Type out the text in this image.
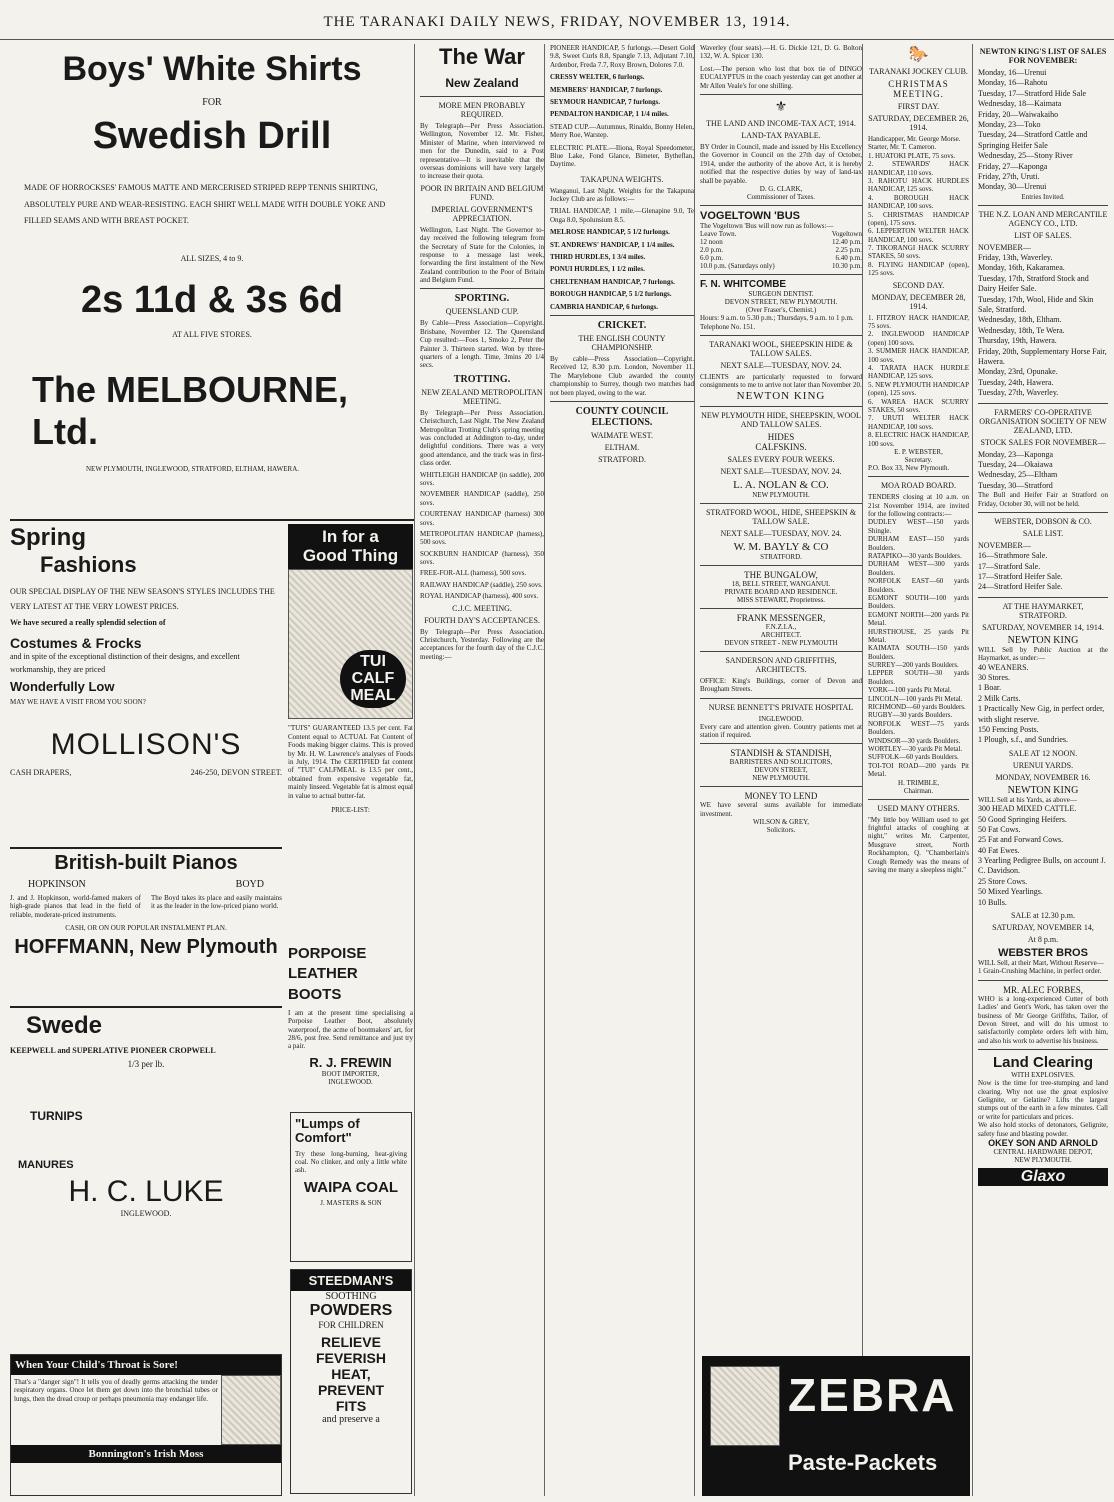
THE TARANAKI DAILY NEWS, FRIDAY, NOVEMBER 13, 1914.
Boys' White Shirts
FOR
Swedish Drill
MADE OF HORROCKSES' FAMOUS MATTE AND MERCERISED STRIPED REPP TENNIS SHIRTING, ABSOLUTELY PURE AND WEAR-RESISTING. EACH SHIRT WELL MADE WITH DOUBLE YOKE AND FILLED SEAMS AND WITH BREAST POCKET.
ALL SIZES, 4 to 9.
2s 11d & 3s 6d
AT ALL FIVE STORES.
The MELBOURNE, Ltd.
NEW PLYMOUTH, INGLEWOOD, STRATFORD, ELTHAM, HAWERA.
Spring
Fashions
OUR SPECIAL DISPLAY OF THE NEW SEASON'S STYLES INCLUDES THE VERY LATEST AT THE VERY LOWEST PRICES.
We have secured a really splendid selection of
Costumes & Frocks
and in spite of the exceptional distinction of their designs, and excellent workmanship, they are priced
Wonderfully Low
MAY WE HAVE A VISIT FROM YOU SOON?
MOLLISON'S
CASH DRAPERS,	246-250, DEVON STREET.
In for a
Good Thing
TUI
CALF
MEAL
"TUI'S" GUARANTEED 13.5 per cent. Fat Content equal to ACTUAL Fat Content of Foods making bigger claims. This is proved by Mr. H. W. Lawrence's analyses of Foods in July, 1914. The CERTIFIED fat content of "TUI" CALFMEAL is 13.5 per cent., obtained from expensive vegetable fat, mainly linseed. Vegetable fat is almost equal in value to actual butter-fat.
PRICE-LIST:
British-built Pianos
HOPKINSON	BOYD
J. and J. Hopkinson, world-famed makers of high-grade pianos that lead in the field of reliable, moderate-priced instruments.
The Boyd takes its place and easily maintains it as the leader in the low-priced piano world.
CASH, OR ON OUR POPULAR INSTALMENT PLAN.
HOFFMANN, New Plymouth PORPOISE
LEATHER
BOOTS
I am at the present time specialising a Porpoise Leather Boot, absolutely waterproof, the acme of bootmakers' art, for 28/6, post free. Send remittance and just try a pair.
R. J. FREWIN
BOOT IMPORTER,
INGLEWOOD.
Swede
KEEPWELL and SUPERLATIVE PIONEER CROPWELL
1/3 per lb.
TURNIPS
MANURES
H. C. LUKE
INGLEWOOD.
"Lumps of
Comfort"
Try these long-burning, heat-giving coal. No clinker, and only a little white ash.
WAIPA COAL
J. MASTERS & SON
When Your Child's Throat is Sore!
That's a "danger sign"! It tells you of deadly germs attacking the tender respiratory organs. Once let them get down into the bronchial tubes or lungs, then the dread croup or perhaps pneumonia may endanger life.
Bonnington's Irish Moss
STEEDMAN'S
SOOTHING
POWDERS
FOR CHILDREN
RELIEVE
FEVERISH
HEAT,
PREVENT
FITS
and preserve a
The War
New Zealand
MORE MEN PROBABLY REQUIRED.
By Telegraph—Per Press Association. Wellington, November 12. Mr. Fisher, Minister of Marine, when interviewed re men for the Dunedin, said to a Post representative—It is inevitable that the overseas dominions will have very largely to increase their quota.
POOR IN BRITAIN AND BELGIUM FUND.
IMPERIAL GOVERNMENT'S APPRECIATION.
Wellington, Last Night. The Governor to-day received the following telegram from the Secretary of State for the Colonies, in response to a message last week, forwarding the first instalment of the New Zealand contribution to the Poor of Britain and Belgium Fund.
SPORTING.
QUEENSLAND CUP.
By Cable—Press Association—Copyright. Brisbane, November 12. The Queensland Cup resulted:—Foes 1, Smoko 2, Peter the Painter 3. Thirteen started. Won by three-quarters of a length. Time, 3mins 20 1/4 secs.
TROTTING.
NEW ZEALAND METROPOLITAN MEETING.
By Telegraph—Per Press Association. Christchurch, Last Night. The New Zealand Metropolitan Trotting Club's spring meeting was concluded at Addington to-day, under delightful conditions. There was a very good attendance, and the track was in first-class order.
WHITLEIGH HANDICAP (in saddle), 200 sovs.
NOVEMBER HANDICAP (saddle), 250 sovs.
COURTENAY HANDICAP (harness) 300 sovs.
METROPOLITAN HANDICAP (harness), 500 sovs.
SOCKBURN HANDICAP (harness), 350 sovs.
FREE-FOR-ALL (harness), 500 sovs.
RAILWAY HANDICAP (saddle), 250 sovs.
ROYAL HANDICAP (harness), 400 sovs.
C.J.C. MEETING.
FOURTH DAY'S ACCEPTANCES.
By Telegraph—Per Press Association. Christchurch, Yesterday. Following are the acceptances for the fourth day of the C.J.C. meeting:—
PIONEER HANDICAP, 5 furlongs.—Desert Gold 9.8, Sweet Curls 8.8, Spangle 7.13, Adjutant 7.10, Ardenbor, Freda 7.7, Roxy Brown, Dolores 7.0.
CRESSY WELTER, 6 furlongs.
MEMBERS' HANDICAP, 7 furlongs.
SEYMOUR HANDICAP, 7 furlongs.
PENDALTON HANDICAP, 1 1/4 miles.
STEAD CUP.—Autumnus, Rinaldo, Bonny Helen, Merry Roe, Warstep.
ELECTRIC PLATE.—Iliona, Royal Speedometer, Blue Lake, Fond Glance, Bimeter, Bytheflan, Daytime.
TAKAPUNA WEIGHTS.
Wanganui, Last Night. Weights for the Takapuna Jockey Club are as follows:—
TRIAL HANDICAP, 1 mile.—Glenapine 9.0, Te Onga 8.0, Spolunsium 8.5.
MELROSE HANDICAP, 5 1/2 furlongs.
ST. ANDREWS' HANDICAP, 1 1/4 miles.
THIRD HURDLES, 1 3/4 miles.
PONUI HURDLES, 1 1/2 miles.
CHELTENHAM HANDICAP, 7 furlongs.
BOROUGH HANDICAP, 5 1/2 furlongs.
CAMBRIA HANDICAP, 6 furlongs.
CRICKET.
THE ENGLISH COUNTY CHAMPIONSHIP.
By cable—Press Association—Copyright. Received 12, 8.30 p.m. London, November 11. The Marylebone Club awarded the county championship to Surrey, though two matches had not been played, owing to the war.
COUNTY COUNCIL ELECTIONS.
WAIMATE WEST.
ELTHAM.
STRATFORD.
Waverley (four seats).—H. G. Dickie 121, D. G. Bolton 132, W. A. Spicer 130.
Lost.—The person who lost that box tie of DINGO EUCALYPTUS in the coach yesterday can get another at Mr Allen Veale's for one shilling.
⚜
THE LAND AND INCOME-TAX ACT, 1914.
LAND-TAX PAYABLE.
BY Order in Council, made and issued by His Excellency the Governor in Council on the 27th day of October, 1914, under the authority of the above Act, it is hereby notified that the respective duties by way of land-tax shall be payable.
D. G. CLARK,
Commissioner of Taxes.
VOGELTOWN 'BUS
The Vogeltown 'Bus will now run as follows:—
Leave Town.	Vogeltown
12 noon	12.40 p.m.
2.0 p.m.	2.25 p.m.
6.0 p.m.	6.40 p.m.
10.0 p.m. (Saturdays only)	10.30 p.m.
F. N. WHITCOMBE
SURGEON DENTIST.
DEVON STREET, NEW PLYMOUTH.
(Over Fraser's, Chemist.)
Hours: 9 a.m. to 5.30 p.m.; Thursdays, 9 a.m. to 1 p.m.
Telephone No. 151.
TARANAKI WOOL, SHEEPSKIN HIDE & TALLOW SALES.
NEXT SALE—TUESDAY, NOV. 24.
CLIENTS are particularly requested to forward consignments to me to arrive not later than November 20.
NEWTON KING
NEW PLYMOUTH HIDE, SHEEPSKIN, WOOL AND TALLOW SALES.
HIDES
CALFSKINS.
SALES EVERY FOUR WEEKS.
NEXT SALE—TUESDAY, NOV. 24.
L. A. NOLAN & CO.
NEW PLYMOUTH.
STRATFORD WOOL, HIDE, SHEEPSKIN & TALLOW SALE.
NEXT SALE—TUESDAY, NOV. 24.
W. M. BAYLY & CO
STRATFORD.
THE BUNGALOW,
18, BELL STREET, WANGANUI.
PRIVATE BOARD AND RESIDENCE.
MISS STEWART, Proprietress.
FRANK MESSENGER,
F.N.Z.I.A.,
ARCHITECT.
DEVON STREET - NEW PLYMOUTH
SANDERSON AND GRIFFITHS, ARCHITECTS.
OFFICE: King's Buildings, corner of Devon and Brougham Streets.
NURSE BENNETT'S PRIVATE HOSPITAL
INGLEWOOD.
Every care and attention given. Country patients met at station if required.
STANDISH & STANDISH,
BARRISTERS AND SOLICITORS,
DEVON STREET,
NEW PLYMOUTH.
MONEY TO LEND
WE have several sums available for immediate investment.
WILSON & GREY,
Solicitors.
🐎
TARANAKI JOCKEY CLUB.
CHRISTMAS MEETING.
FIRST DAY.
SATURDAY, DECEMBER 26, 1914.
Handicapper, Mr. George Morse.
Starter, Mr. T. Cameron.
1. HUATOKI PLATE, 75 sovs.
2. STEWARDS' HACK HANDICAP, 110 sovs.
3. RAHOTU HACK HURDLES HANDICAP, 125 sovs.
4. BOROUGH HACK HANDICAP, 100 sovs.
5. CHRISTMAS HANDICAP (open), 175 sovs.
6. LEPPERTON WELTER HACK HANDICAP, 100 sovs.
7. TIKORANGI HACK SCURRY STAKES, 50 sovs.
8. FLYING HANDICAP (open), 125 sovs.
SECOND DAY.
MONDAY, DECEMBER 28, 1914.
1. FITZROY HACK HANDICAP, 75 sovs.
2. INGLEWOOD HANDICAP (open) 100 sovs.
3. SUMMER HACK HANDICAP, 100 sovs.
4. TARATA HACK HURDLE HANDICAP, 125 sovs.
5. NEW PLYMOUTH HANDICAP (open), 125 sovs.
6. WAREA HACK SCURRY STAKES, 50 sovs.
7. URUTI WELTER HACK HANDICAP, 100 sovs.
8. ELECTRIC HACK HANDICAP, 100 sovs.
E. P. WEBSTER,
Secretary.
P.O. Box 33, New Plymouth.
MOA ROAD BOARD.
TENDERS closing at 10 a.m. on 21st November 1914, are invited for the following contracts:—
DUDLEY WEST—150 yards Shingle.
DURHAM EAST—150 yards Boulders.
RATAPIKO—30 yards Boulders.
DURHAM WEST—300 yards Boulders.
NORFOLK EAST—60 yards Boulders.
EGMONT SOUTH—100 yards Boulders.
EGMONT NORTH—200 yards Pit Metal.
HURSTHOUSE, 25 yards Pit Metal.
KAIMATA SOUTH—150 yards Boulders.
SURREY—200 yards Boulders.
LEPPER SOUTH—30 yards Boulders.
YORK—100 yards Pit Metal.
LINCOLN—100 yards Pit Metal.
RICHMOND—60 yards Boulders.
RUGBY—30 yards Boulders.
NORFOLK WEST—75 yards Boulders.
WINDSOR—30 yards Boulders.
WORTLEY—30 yards Pit Metal.
SUFFOLK—60 yards Boulders.
TOI-TOI ROAD—200 yards Pit Metal.
H. TRIMBLE,
Chairman.
USED MANY OTHERS.
"My little boy William used to get frightful attacks of coughing at night," writes Mr. Carpenter, Musgrave street, North Rockhampton, Q. "Chamberlain's Cough Remedy was the means of saving me many a sleepless night."
ZEBRA
Paste-Packets
NEWTON KING'S LIST OF SALES FOR NOVEMBER:
Monday, 16—Urenui
Monday, 16—Rahotu
Tuesday, 17—Stratford Hide Sale
Wednesday, 18—Kaimata
Friday, 20—Waiwakaiho
Monday, 23—Toko
Tuesday, 24—Stratford Cattle and Springing Heifer Sale
Wednesday, 25—Stony River
Friday, 27—Kaponga
Friday, 27th, Uruti.
Monday, 30—Urenui
Entries Invited.
THE N.Z. LOAN AND MERCANTILE AGENCY CO., LTD.
LIST OF SALES.
NOVEMBER—
Friday, 13th, Waverley.
Monday, 16th, Kakaramea.
Tuesday, 17th, Stratford Stock and Dairy Heifer Sale.
Tuesday, 17th, Wool, Hide and Skin Sale, Stratford.
Wednesday, 18th, Eltham.
Wednesday, 18th, Te Wera.
Thursday, 19th, Hawera.
Friday, 20th, Supplementary Horse Fair, Hawera.
Monday, 23rd, Opunake.
Tuesday, 24th, Hawera.
Tuesday, 27th, Waverley.
FARMERS' CO-OPERATIVE ORGANISATION SOCIETY OF NEW ZEALAND, LTD.
STOCK SALES FOR NOVEMBER—
Monday, 23—Kaponga
Tuesday, 24—Okaiawa
Wednesday, 25—Eltham
Tuesday, 30—Stratford
The Bull and Heifer Fair at Stratford on Friday, October 30, will not be held.
WEBSTER, DOBSON & CO.
SALE LIST.
NOVEMBER—
16—Strathmore Sale.
17—Stratford Sale.
17—Stratford Heifer Sale.
24—Stratford Heifer Sale.
AT THE HAYMARKET, STRATFORD.
SATURDAY, NOVEMBER 14, 1914.
NEWTON KING
WILL Sell by Public Auction at the Haymarket, as under:—
40 WEANERS.
30 Stores.
1 Boar.
2 Milk Carts.
1 Practically New Gig, in perfect order, with slight reserve.
150 Fencing Posts.
1 Plough, s.f., and Sundries.
SALE AT 12 NOON.
URENUI YARDS.
MONDAY, NOVEMBER 16.
NEWTON KING
WILL Sell at his Yards, as above—
300 HEAD MIXED CATTLE.
50 Good Springing Heifers.
50 Fat Cows.
25 Fat and Forward Cows.
40 Fat Ewes.
3 Yearling Pedigree Bulls, on account J. C. Davidson.
25 Store Cows.
50 Mixed Yearlings.
10 Bulls.
SALE at 12.30 p.m.
SATURDAY, NOVEMBER 14,
At 8 p.m.
WEBSTER BROS
WILL Sell, at their Mart, Without Reserve—
1 Grain-Crushing Machine, in perfect order.
MR. ALEC FORBES,
WHO is a long-experienced Cutter of both Ladies' and Gent's Work, has taken over the business of Mr George Griffiths, Tailor, of Devon Street, and will do his utmost to satisfactorily complete orders left with him, and also his work to advertise his business.
Land Clearing
WITH EXPLOSIVES.
Now is the time for tree-stumping and land clearing. Why not use the great explosive Gelignite, or Gelatine? Lifts the largest stumps out of the earth in a few minutes. Call or write for particulars and prices.
We also hold stocks of detonators, Gelignite, safety fuse and blasting powder.
OKEY SON AND ARNOLD
CENTRAL HARDWARE DEPOT,
NEW PLYMOUTH.
Glaxo
